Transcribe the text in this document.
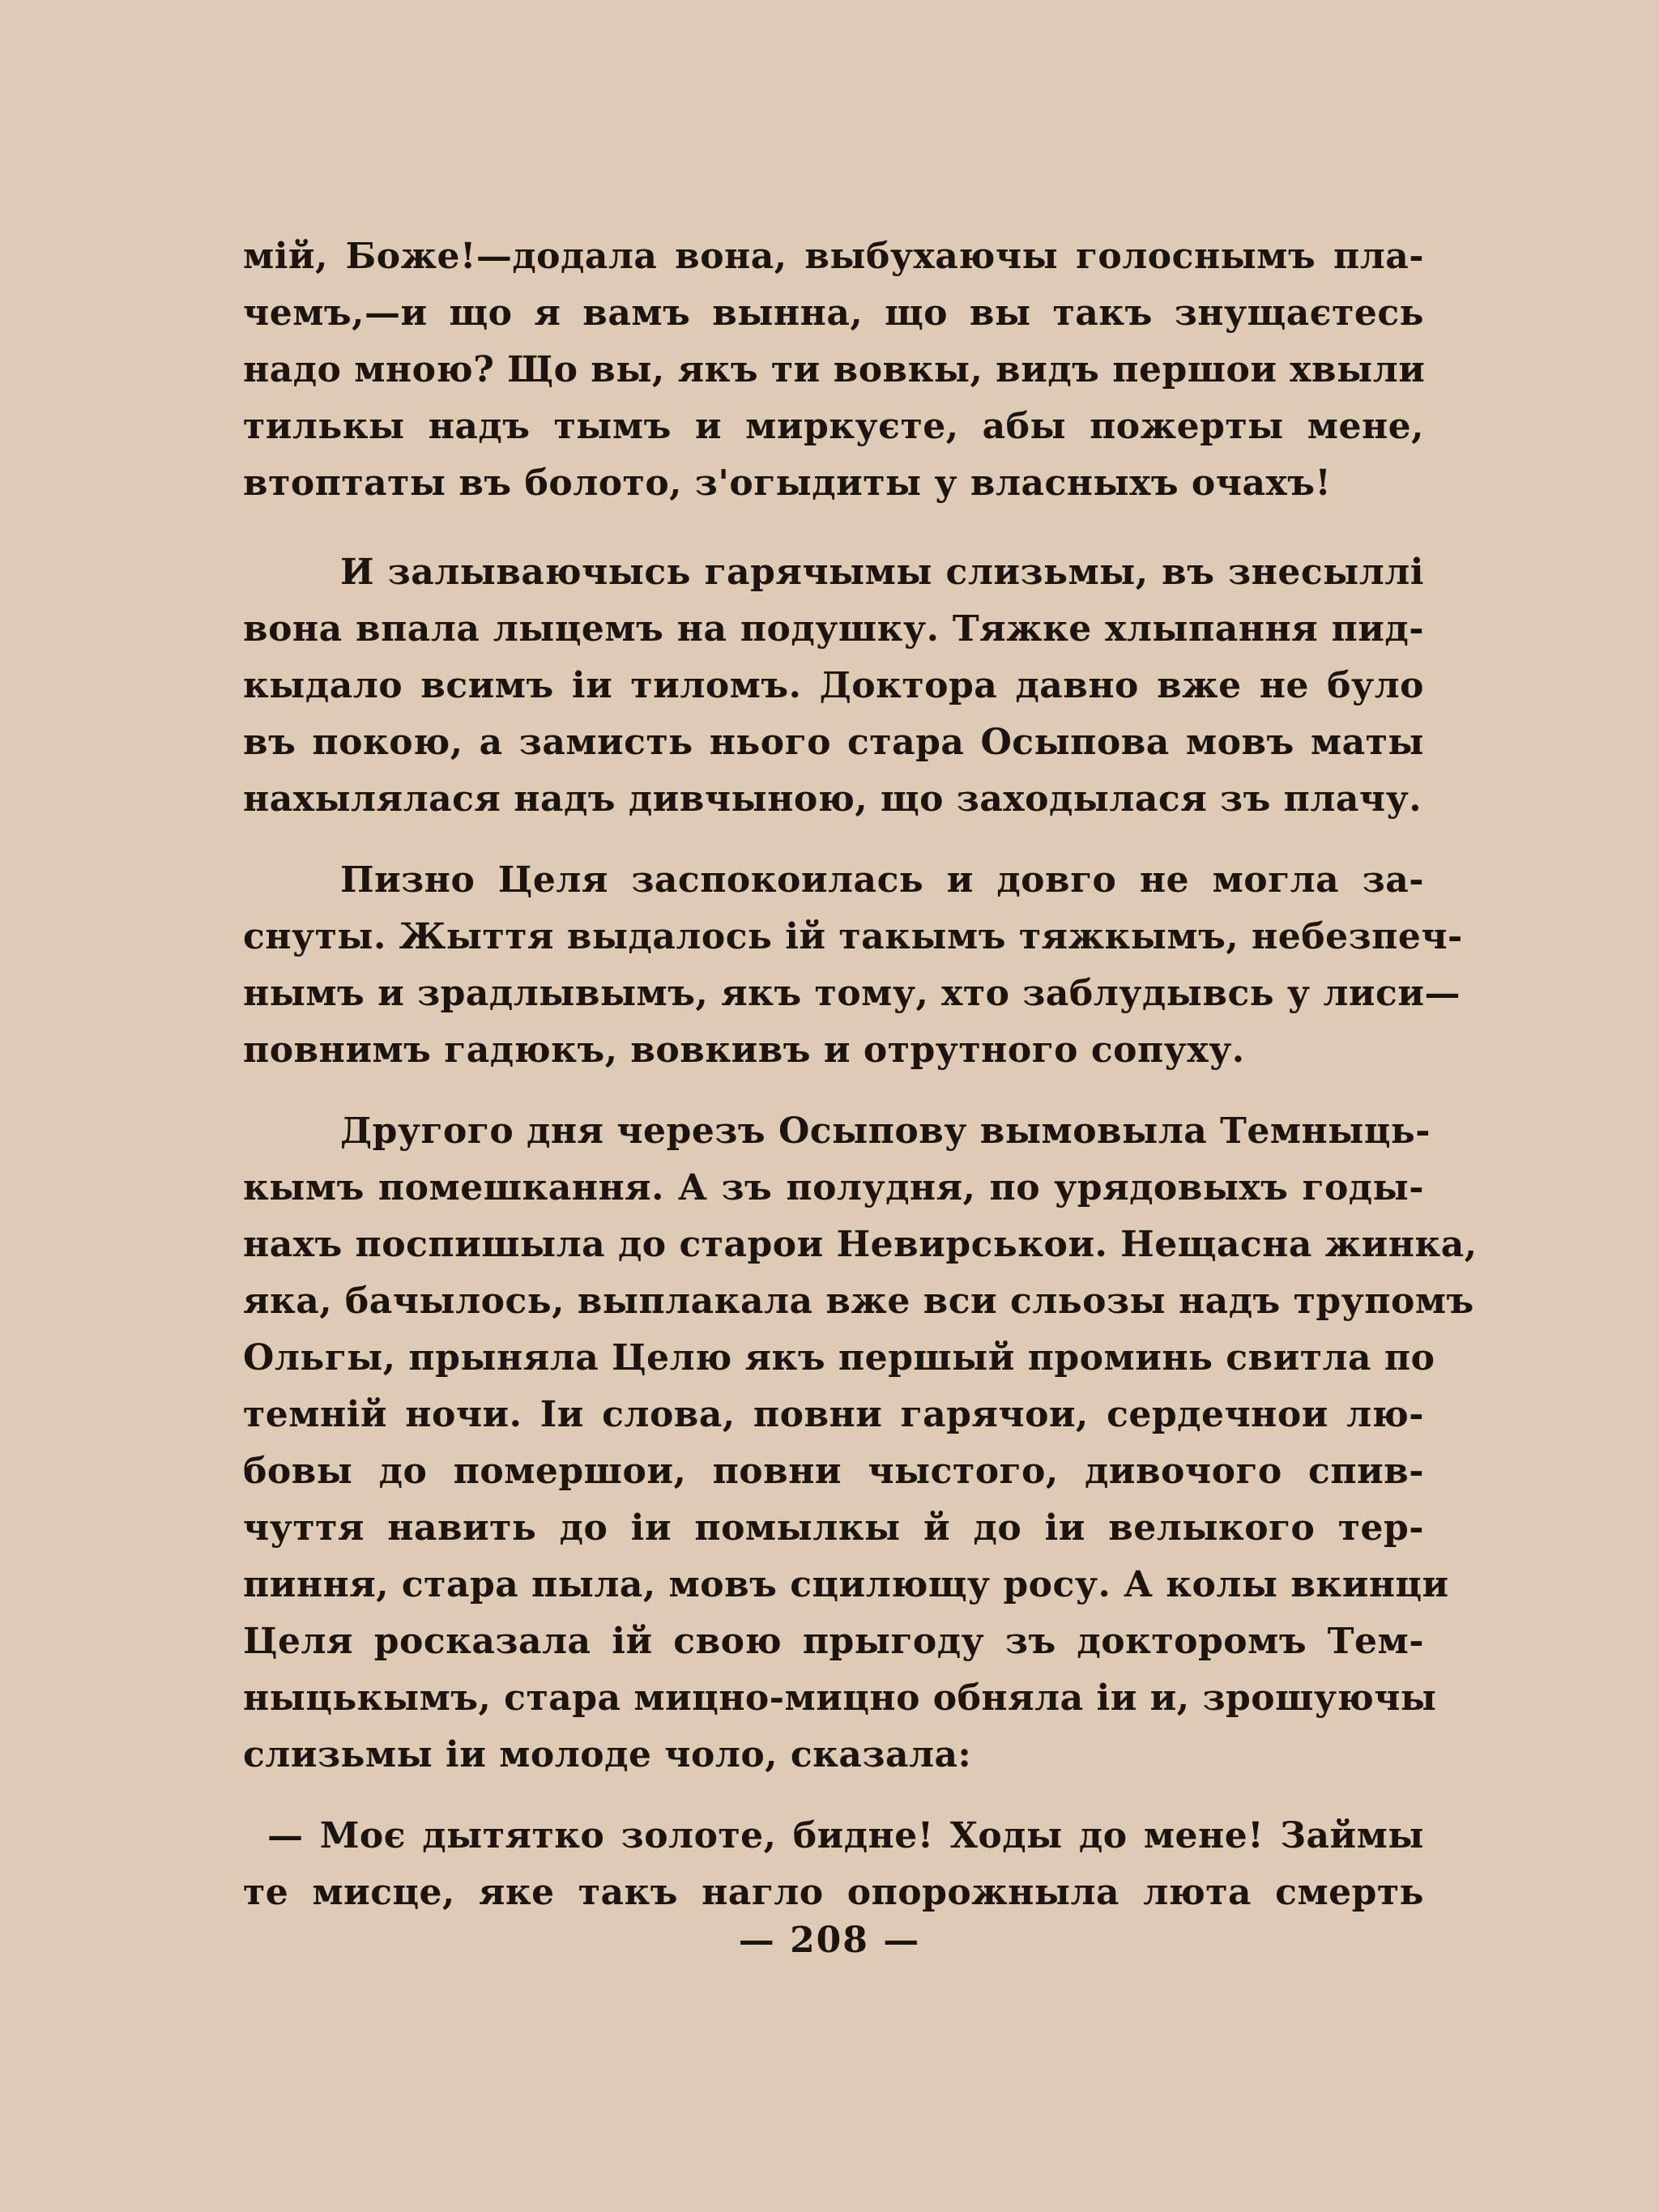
мій, Боже!—додала вона, выбухаючы голоснымъ пла-
чемъ,—и що я вамъ вынна, що вы такъ знущаєтесь
надо мною? Що вы, якъ ти вовкы, видъ першои хвыли
тилькы надъ тымъ и миркуєте, абы пожерты мене,
втоптаты въ болото, з'огыдиты у власныхъ очахъ!
И залываючысь гарячымы слизьмы, въ знесыллi
вона впала лыцемъ на подушку. Тяжке хлыпання пид-
кыдало всимъ іи тиломъ. Доктора давно вже не було
въ покою, а замисть нього стара Осыпова мовъ маты
нахылялася надъ дивчыною, що заходылася зъ плачу.
Пизно Целя заспокоилась и довго не могла за-
снуты. Жыття выдалось ій такымъ тяжкымъ, небезпеч-
нымъ и зрадлывымъ, якъ тому, хто заблудывсь у лиси—
повнимъ гадюкъ, вовкивъ и отрутного сопуху.
Другого дня черезъ Осыпову вымовыла Темныць-
кымъ помешкання. А зъ полудня, по урядовыхъ годы-
нахъ поспишыла до старои Невирськои. Нещасна жинка,
яка, бачылось, выплакала вже вси сльозы надъ трупомъ
Ольгы, прыняла Целю якъ першый проминь свитла по
темній ночи. Іи слова, повни гарячои, сердечнои лю-
бовы до помершои, повни чыстого, дивочого спив-
чуття навить до іи помылкы й до іи велыкого тер-
пиння, стара пыла, мовъ сцилющу росу. А колы вкинци
Целя росказала ій свою прыгоду зъ докторомъ Тем-
ныцькымъ, стара мицно-мицно обняла іи и, зрошуючы
слизьмы іи молоде чоло, сказала:
— Моє дытятко золоте, бидне! Ходы до мене! Займы
те мисце, яке такъ нагло опорожныла люта смерть
— 208 —
